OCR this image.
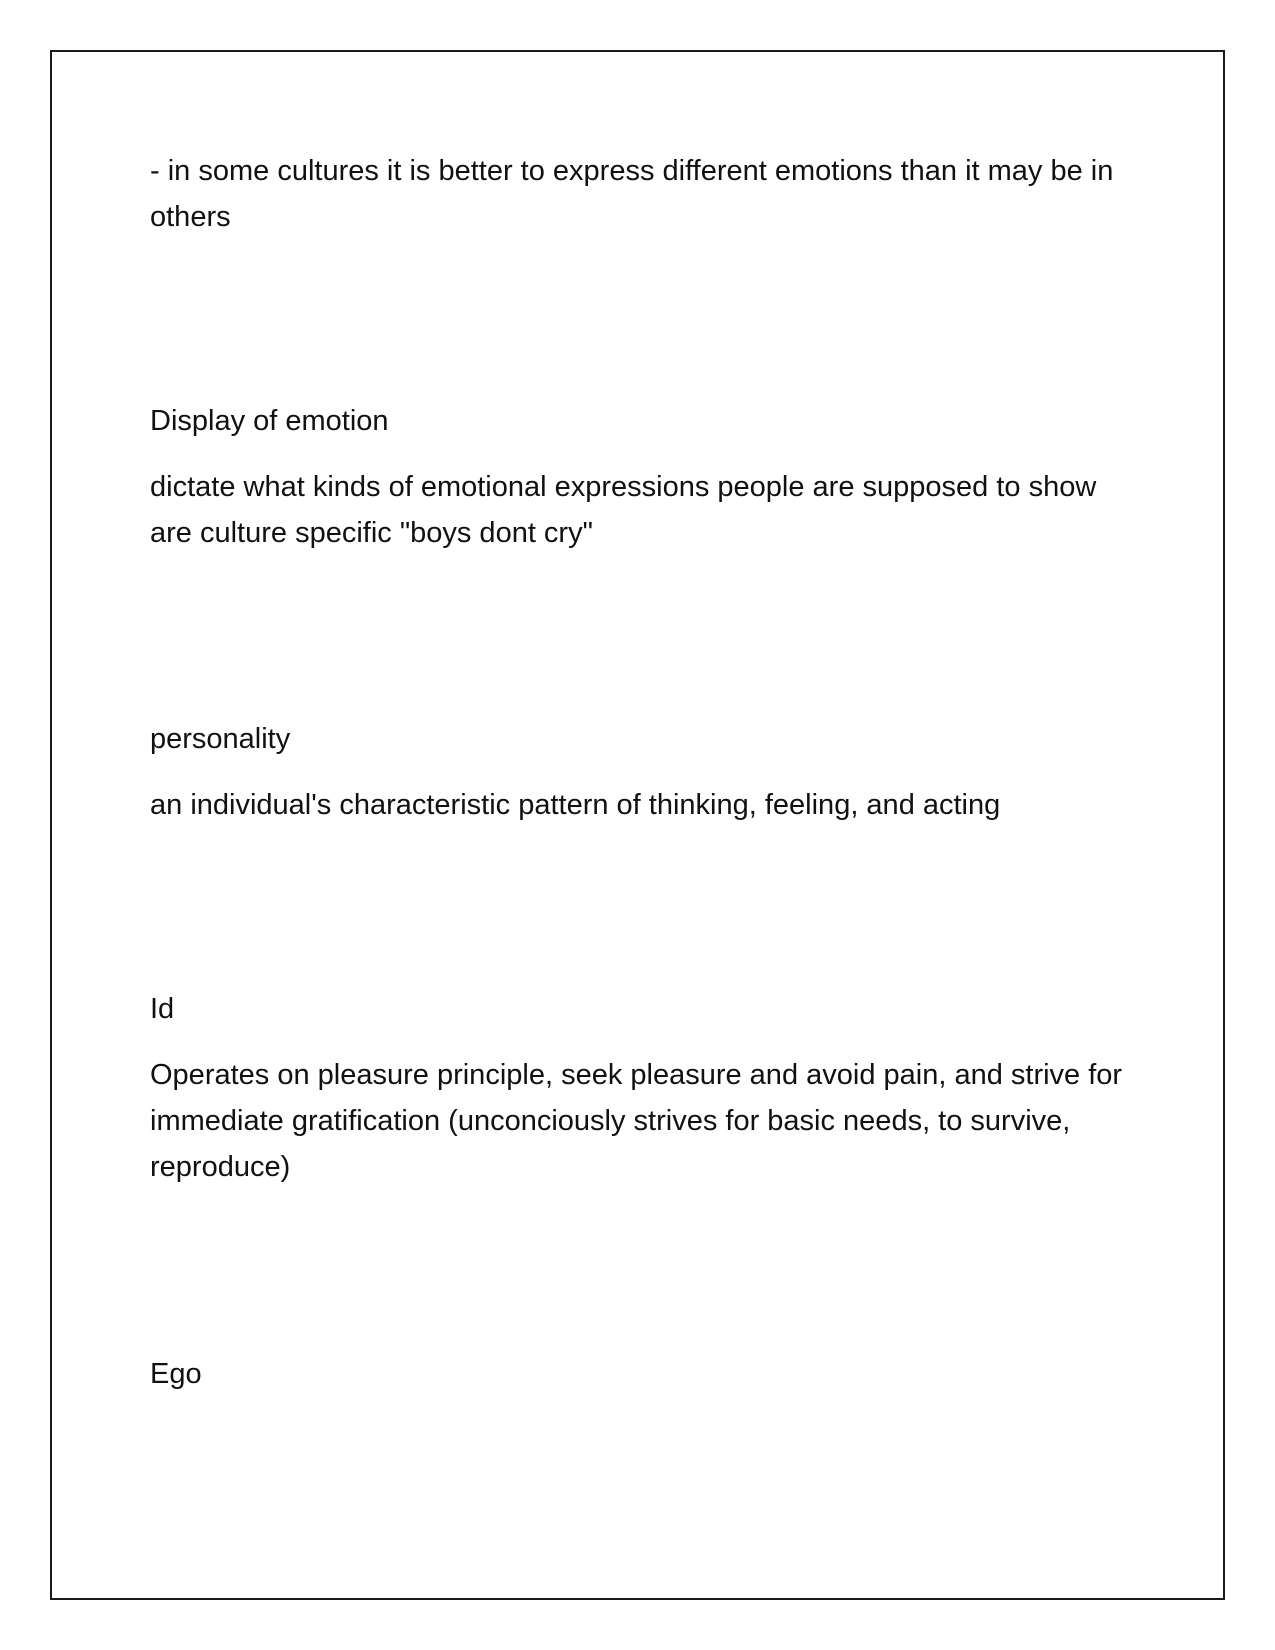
- in some cultures it is better to express different emotions than it may be in others

Display of emotion

dictate what kinds of emotional expressions people are supposed to show are culture specific "boys dont cry"

personality

an individual's characteristic pattern of thinking, feeling, and acting

Id

Operates on pleasure principle, seek pleasure and avoid pain, and strive for immediate gratification (unconciously strives for basic needs, to survive, reproduce)

Ego
